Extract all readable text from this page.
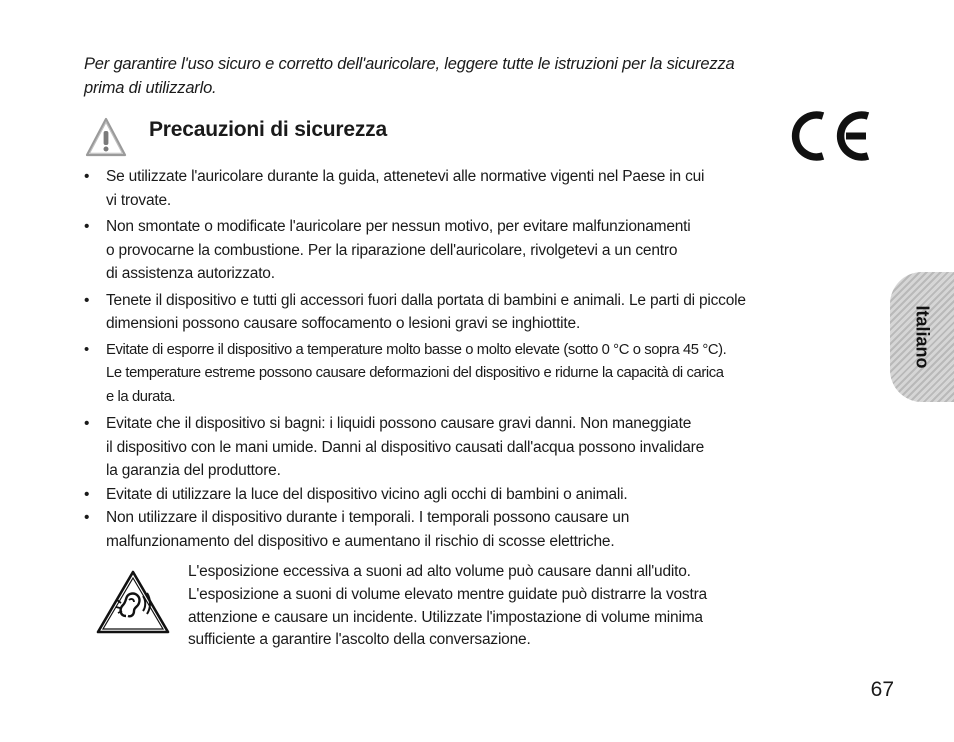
Per garantire l'uso sicuro e corretto dell'auricolare, leggere tutte le istruzioni per la sicurezza
prima di utilizzarlo.

Precauzioni di sicurezza
• Se utilizzate l'auricolare durante la guida, attenetevi alle normative vigenti nel Paese in cui
vi trovate.
• Non smontate o modificate l'auricolare per nessun motivo, per evitare malfunzionamenti
o provocarne la combustione. Per la riparazione dell'auricolare, rivolgetevi a un centro
di assistenza autorizzato.
• Tenete il dispositivo e tutti gli accessori fuori dalla portata di bambini e animali. Le parti di piccole
dimensioni possono causare soffocamento o lesioni gravi se inghiottite.
• Evitate di esporre il dispositivo a temperature molto basse o molto elevate (sotto 0 °C o sopra 45 °C).
Le temperature estreme possono causare deformazioni del dispositivo e ridurne la capacità di carica
e la durata.
• Evitate che il dispositivo si bagni: i liquidi possono causare gravi danni. Non maneggiate
il dispositivo con le mani umide. Danni al dispositivo causati dall'acqua possono invalidare
la garanzia del produttore.
• Evitate di utilizzare la luce del dispositivo vicino agli occhi di bambini o animali.
• Non utilizzare il dispositivo durante i temporali. I temporali possono causare un
malfunzionamento del dispositivo e aumentano il rischio di scosse elettriche.

L'esposizione eccessiva a suoni ad alto volume può causare danni all'udito.
L'esposizione a suoni di volume elevato mentre guidate può distrarre la vostra
attenzione e causare un incidente. Utilizzate l'impostazione di volume minima
sufficiente a garantire l'ascolto della conversazione.

Italiano
67
